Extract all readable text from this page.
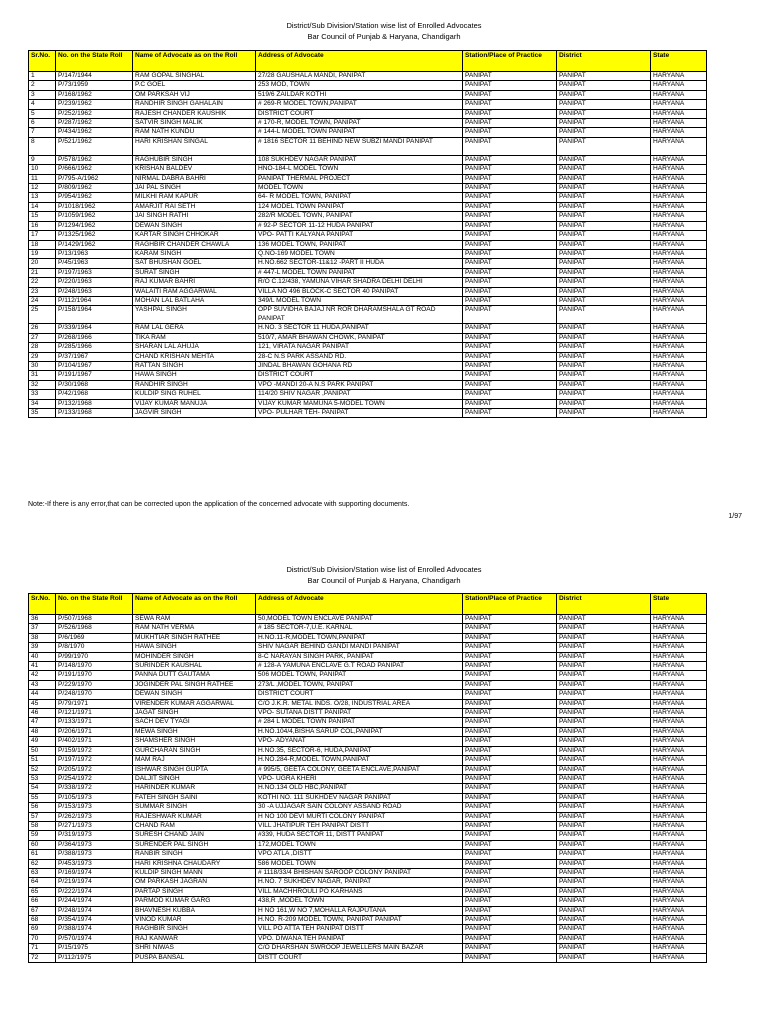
District/Sub Division/Station wise list of Enrolled Advocates
Bar Council of Punjab & Haryana, Chandigarh
Sr.No.	No. on the State Roll	Name of Advocate as on the Roll	Address of Advocate	Station/Place of Practice	District	State
1	P/147/1944	RAM GOPAL SINGHAL	27/28 GAUSHALA MANDI, PANIPAT	PANIPAT	PANIPAT	HARYANA
2	P/73/1959	P.C GOEL	253 MOD, TOWN	PANIPAT	PANIPAT	HARYANA
3	P/168/1962	OM PARKSAH VIJ	519/6 ZAILDAR KOTHI	PANIPAT	PANIPAT	HARYANA
4	P/239/1962	RANDHIR SINGH GAHALAIN	# 269-R MODEL TOWN,PANIPAT	PANIPAT	PANIPAT	HARYANA
5	P/252/1962	RAJESH CHANDER KAUSHIK	DISTRICT COURT	PANIPAT	PANIPAT	HARYANA
6	P/287/1962	SATVIR SINGH MALIK	# 170-R, MODEL TOWN, PANIPAT	PANIPAT	PANIPAT	HARYANA
7	P/434/1962	RAM NATH KUNDU	# 144-L MODEL TOWN PANIPAT	PANIPAT	PANIPAT	HARYANA
8	P/521/1962	HARI KRISHAN SINGAL	# 1816 SECTOR 11 BEHIND NEW SUBZI MANDI PANIPAT	PANIPAT	PANIPAT	HARYANA
9	P/578/1962	RAGHUBIR SINGH	108 SUKHDEV NAGAR PANIPAT	PANIPAT	PANIPAT	HARYANA
10	P/666/1962	KRISHAN BALDEV	HNO-184-L MODEL TOWN	PANIPAT	PANIPAT	HARYANA
11	P/795-A/1962	NIRMAL DABRA BAHRI	PANIPAT THERMAL PROJECT	PANIPAT	PANIPAT	HARYANA
12	P/809/1962	JAI PAL SINGH	MODEL TOWN	PANIPAT	PANIPAT	HARYANA
13	P/954/1962	MILKHI RAM KAPUR	64- R MODEL TOWN, PANIPAT	PANIPAT	PANIPAT	HARYANA
14	P/1018/1962	AMARJIT RAI SETH	124 MODEL TOWN PANIPAT	PANIPAT	PANIPAT	HARYANA
15	P/1059/1962	JAI SINGH RATHI	282/R MODEL TOWN, PANIPAT	PANIPAT	PANIPAT	HARYANA
16	P/1294/1962	DEWAN SINGH	# 92-P SECTOR 11-12 HUDA PANIPAT	PANIPAT	PANIPAT	HARYANA
17	P/1325/1962	KARTAR SINGH CHHOKAR	VPO- PATTI KALYANA PANIPAT	PANIPAT	PANIPAT	HARYANA
18	P/1429/1962	RAGHBIR CHANDER CHAWLA	136 MODEL TOWN, PANIPAT	PANIPAT	PANIPAT	HARYANA
19	P/13/1963	KARAM SINGH	Q.NO-169 MODEL TOWN	PANIPAT	PANIPAT	HARYANA
20	P/45/1963	SAT BHUSHAN GOEL	H.NO.662 SECTOR-11&12 -PART II HUDA	PANIPAT	PANIPAT	HARYANA
21	P/197/1963	SURAT SINGH	# 447-L MODEL TOWN PANIPAT	PANIPAT	PANIPAT	HARYANA
22	P/220/1963	RAJ KUMAR BAHRI	R/O C.12/438, YAMUNA VIHAR SHADRA DELHI DELHI	PANIPAT	PANIPAT	HARYANA
23	P/248/1963	WALAITI RAM AGGARWAL	VILLA NO 496 BLOCK-C SECTOR 40 PANIPAT	PANIPAT	PANIPAT	HARYANA
24	P/112/1964	MOHAN LAL BATLAHA	349/L MODEL TOWN	PANIPAT	PANIPAT	HARYANA
25	P/158/1964	YASHPAL SINGH	OPP SUVIDHA BAJAJ NR ROR DHARAMSHALA GT ROAD PANIPAT	PANIPAT	PANIPAT	HARYANA
26	P/339/1964	RAM LAL GERA	H.NO. 3 SECTOR 11 HUDA,PANIPAT	PANIPAT	PANIPAT	HARYANA
27	P/268/1966	TIKA RAM	510/7, AMAR BHAWAN CHOWK, PANIPAT	PANIPAT	PANIPAT	HARYANA
28	P/285/1966	SHARAN LAL AHUJA	121, VIRATA NAGAR PANIPAT	PANIPAT	PANIPAT	HARYANA
29	P/37/1967	CHAND KRISHAN MEHTA	28-C N.S PARK ASSAND RD.	PANIPAT	PANIPAT	HARYANA
30	P/104/1967	RATTAN SINGH	JINDAL BHAWAN GOHANA RD	PANIPAT	PANIPAT	HARYANA
31	P/191/1967	HAWA SINGH	DISTRICT COURT	PANIPAT	PANIPAT	HARYANA
32	P/30/1968	RANDHIR SINGH	VPO -MANDI 20-A N.S PARK PANIPAT	PANIPAT	PANIPAT	HARYANA
33	P/42/1968	KULDIP SING RUHEL	114/20 SHIV NAGAR ,PANIPAT	PANIPAT	PANIPAT	HARYANA
34	P/132/1968	VIJAY KUMAR MANUJA	VIJAY KUMAR MAMUNA 5-MODEL TOWN	PANIPAT	PANIPAT	HARYANA
35	P/133/1968	JAGVIR SINGH	VPO- PULHAR TEH- PANIPAT	PANIPAT	PANIPAT	HARYANA
Note:-If there is any error,that can be corrected upon the application of the concerned advocate with supporting documents.
1/97
District/Sub Division/Station wise list of Enrolled Advocates
Bar Council of Punjab & Haryana, Chandigarh
Sr.No.	No. on the State Roll	Name of Advocate as on the Roll	Address of Advocate	Station/Place of Practice	District	State
36	P/507/1968	SEWA RAM	50,MODEL TOWN ENCLAVE PANIPAT	PANIPAT	PANIPAT	HARYANA
37	P/526/1968	RAM NATH VERMA	# 185 SECTOR-7,U.E. KARNAL	PANIPAT	PANIPAT	HARYANA
38	P/6/1969	MUKHTIAR SINGH RATHEE	H.NO.11-R,MODEL TOWN,PANIPAT	PANIPAT	PANIPAT	HARYANA
39	P/8/1970	HAWA SINGH	SHIV NAGAR BEHIND GANDI MANDI PANIPAT	PANIPAT	PANIPAT	HARYANA
40	P/99/1970	MOHINDER SINGH	8-C NARAYAN SINGH PARK, PANIPAT	PANIPAT	PANIPAT	HARYANA
41	P/148/1970	SURINDER KAUSHAL	# 128-A YAMUNA ENCLAVE G.T ROAD PANIPAT	PANIPAT	PANIPAT	HARYANA
42	P/191/1970	PANNA DUTT GAUTAMA	506 MODEL TOWN, PANIPAT	PANIPAT	PANIPAT	HARYANA
43	P/229/1970	JOGINDER PAL SINGH RATHEE	273/L ,MODEL TOWN, PANIPAT	PANIPAT	PANIPAT	HARYANA
44	P/248/1970	DEWAN SINGH	DISTRICT COURT	PANIPAT	PANIPAT	HARYANA
45	P/79/1971	VIRENDER KUMAR AGGARWAL	C/O J.K.R. METAL INDS. O/28, INDUSTRIAL AREA	PANIPAT	PANIPAT	HARYANA
46	P/121/1971	JAGAT SINGH	VPO- SUTANA DISTT PANIPAT	PANIPAT	PANIPAT	HARYANA
47	P/133/1971	SACH DEV TYAGI	# 284 L MODEL TOWN PANIPAT	PANIPAT	PANIPAT	HARYANA
48	P/206/1971	MEWA SINGH	H.NO.104/4,BISHA SARUP COL,PANIPAT	PANIPAT	PANIPAT	HARYANA
49	P/402/1971	SHAMSHER SINGH	VPO- ADYANAT	PANIPAT	PANIPAT	HARYANA
50	P/159/1972	GURCHARAN SINGH	H.NO.35, SECTOR-6, HUDA,PANIPAT	PANIPAT	PANIPAT	HARYANA
51	P/197/1972	MAM RAJ	H.NO.284-R,MODEL TOWN,PANIPAT	PANIPAT	PANIPAT	HARYANA
52	P/205/1972	ISHWAR SINGH GUPTA	# 995/5, GEETA COLONY, GEETA ENCLAVE,PANIPAT	PANIPAT	PANIPAT	HARYANA
53	P/254/1972	DALJIT SINGH	VPO- UGRA KHERI	PANIPAT	PANIPAT	HARYANA
54	P/338/1972	HARINDER KUMAR	H.NO.134 OLD HBC,PANIPAT	PANIPAT	PANIPAT	HARYANA
55	P/105/1973	FATEH SINGH SAINI	KOTHI NO. 111 SUKHDEV NAGAR PANIPAT	PANIPAT	PANIPAT	HARYANA
56	P/153/1973	SUMMAR SINGH	30 -A UJJAGAR SAIN COLONY ASSAND ROAD	PANIPAT	PANIPAT	HARYANA
57	P/262/1973	RAJESHWAR KUMAR	H NO 100 DEVI MURTI COLONY PANIPAT	PANIPAT	PANIPAT	HARYANA
58	P/271/1973	CHAND RAM	VILL JHATIPUR TEH PANIPAT DISTT	PANIPAT	PANIPAT	HARYANA
59	P/319/1973	SURESH CHAND JAIN	#339, HUDA SECTOR 11, DISTT PANIPAT	PANIPAT	PANIPAT	HARYANA
60	P/364/1973	SURENDER PAL SINGH	172,MODEL TOWN	PANIPAT	PANIPAT	HARYANA
61	P/388/1973	RANBIR SINGH	VPO ATLA ,DISTT	PANIPAT	PANIPAT	HARYANA
62	P/453/1973	HARI KRISHNA CHAUDARY	586 MODEL TOWN	PANIPAT	PANIPAT	HARYANA
63	P/169/1974	KULDIP SINGH MANN	# 1118/33/4 BHISHAN SAROOP COLONY PANIPAT	PANIPAT	PANIPAT	HARYANA
64	P/219/1974	OM PARKASH JAGRAN	H.NO. 7 SUKHDEV NAGAR, PANIPAT	PANIPAT	PANIPAT	HARYANA
65	P/222/1974	PARTAP SINGH	VILL MACHHROULI PO KARHANS	PANIPAT	PANIPAT	HARYANA
66	P/244/1974	PARMOD KUMAR GARG	438,R ,MODEL TOWN	PANIPAT	PANIPAT	HARYANA
67	P/248/1974	BHAVNESH KUBBA	H NO 161,W NO 7,MOHALLA RAJPUTANA	PANIPAT	PANIPAT	HARYANA
68	P/354/1974	VINOD KUMAR	H.NO. R-209 MODEL TOWN, PANIPAT PANIPAT	PANIPAT	PANIPAT	HARYANA
69	P/388/1974	RAGHBIR SINGH	VILL PO ATTA TEH PANIPAT DISTT	PANIPAT	PANIPAT	HARYANA
70	P/570/1974	RAJ KANWAR	VPO. DIWANA TEH PANIPAT	PANIPAT	PANIPAT	HARYANA
71	P/15/1975	SHRI NIWAS	C/O DHARSHAN SWROOP JEWELLERS MAIN BAZAR	PANIPAT	PANIPAT	HARYANA
72	P/112/1975	PUSPA BANSAL	DISTT COURT	PANIPAT	PANIPAT	HARYANA
